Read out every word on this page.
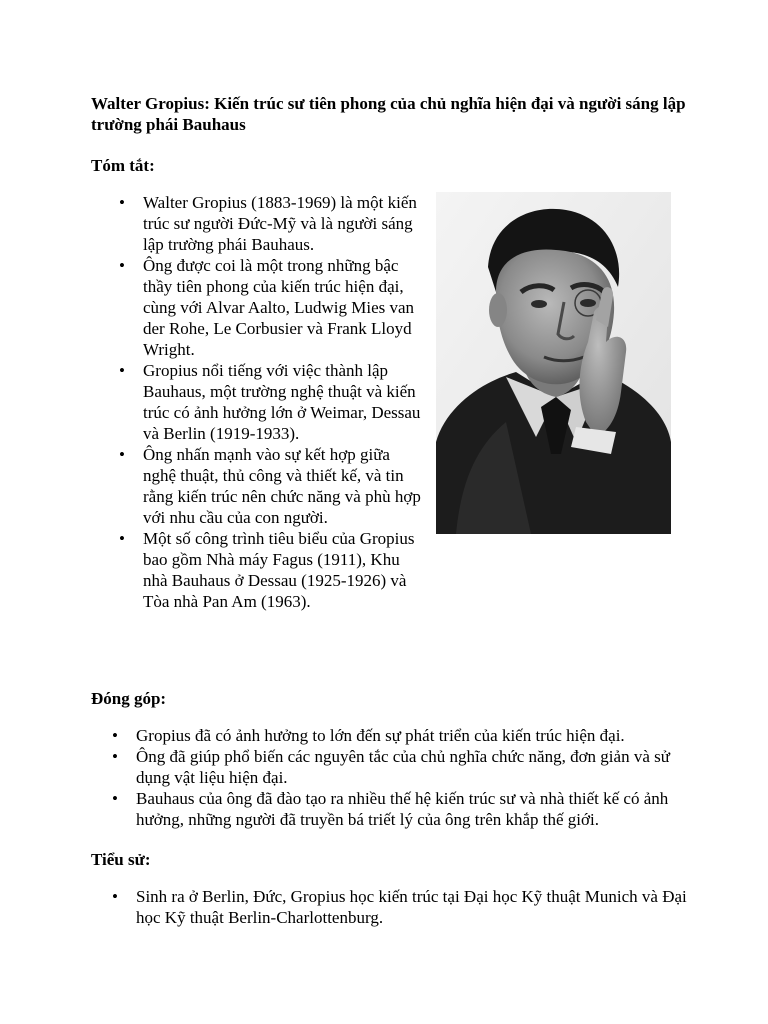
Walter Gropius: Kiến trúc sư tiên phong của chủ nghĩa hiện đại và người sáng lập trường phái Bauhaus
Tóm tắt:
• Walter Gropius (1883-1969) là một kiến trúc sư người Đức-Mỹ và là người sáng lập trường phái Bauhaus.
• Ông được coi là một trong những bậc thầy tiên phong của kiến trúc hiện đại, cùng với Alvar Aalto, Ludwig Mies van der Rohe, Le Corbusier và Frank Lloyd Wright.
• Gropius nổi tiếng với việc thành lập Bauhaus, một trường nghệ thuật và kiến trúc có ảnh hưởng lớn ở Weimar, Dessau và Berlin (1919-1933).
• Ông nhấn mạnh vào sự kết hợp giữa nghệ thuật, thủ công và thiết kế, và tin rằng kiến trúc nên chức năng và phù hợp với nhu cầu của con người.
• Một số công trình tiêu biểu của Gropius bao gồm Nhà máy Fagus (1911), Khu nhà Bauhaus ở Dessau (1925-1926) và Tòa nhà Pan Am (1963).
Đóng góp:
• Gropius đã có ảnh hưởng to lớn đến sự phát triển của kiến trúc hiện đại.
• Ông đã giúp phổ biến các nguyên tắc của chủ nghĩa chức năng, đơn giản và sử dụng vật liệu hiện đại.
• Bauhaus của ông đã đào tạo ra nhiều thế hệ kiến trúc sư và nhà thiết kế có ảnh hưởng, những người đã truyền bá triết lý của ông trên khắp thế giới.
Tiểu sử:
• Sinh ra ở Berlin, Đức, Gropius học kiến trúc tại Đại học Kỹ thuật Munich và Đại học Kỹ thuật Berlin-Charlottenburg.
